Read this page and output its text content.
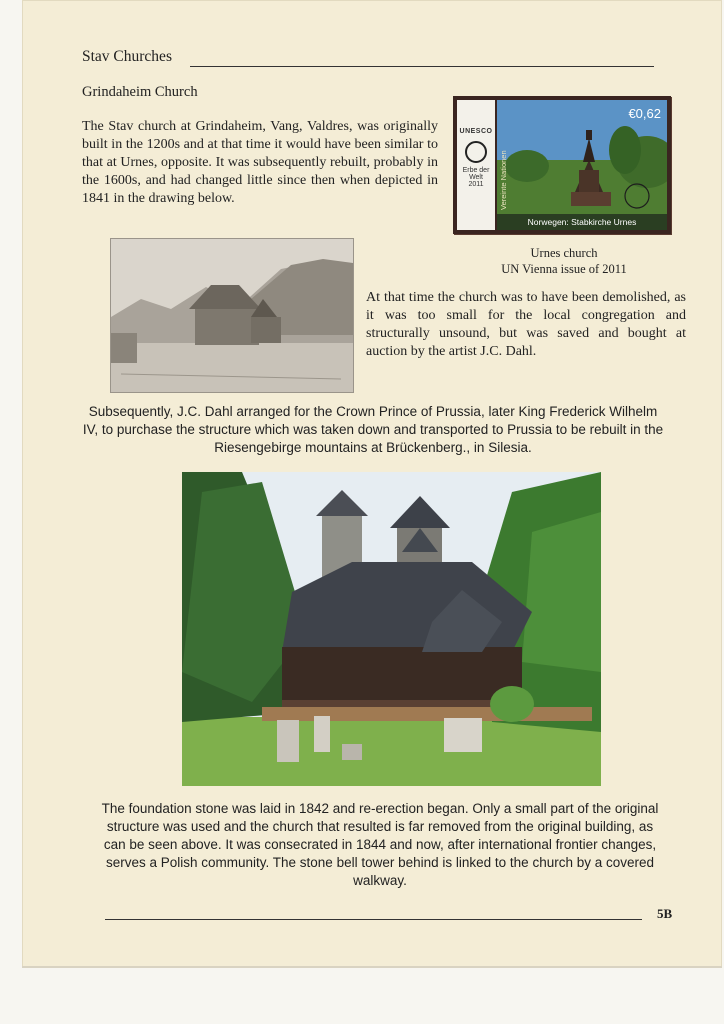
Stav Churches
Grindaheim Church

The Stav church at Grindaheim, Vang, Valdres, was originally built in the 1200s and at that time it would have been similar to that at Urnes, opposite. It was subsequently rebuilt, probably in the 1600s, and had changed little since then when depicted in 1841 in the drawing below.

UNESCO
Erbe der
Welt
2011
€0,62
Vereinte Nationen
Norwegen: Stabkirche Urnes
Urnes church
UN Vienna issue of 2011

At that time the church was to have been demolished, as it was too small for the local congregation and structurally unsound, but was saved and bought at auction by the artist J.C. Dahl.

Subsequently, J.C. Dahl arranged for the Crown Prince of Prussia, later King Frederick Wilhelm IV, to purchase the structure which was taken down and transported to Prussia to be rebuilt in the Riesengebirge mountains at Brückenberg., in Silesia.

The foundation stone was laid in 1842 and re-erection began. Only a small part of the original structure was used and the church that resulted is far removed from the original building, as can be seen above. It was consecrated in 1844 and now, after international frontier changes, serves a Polish community. The stone bell tower behind is linked to the church by a covered walkway.

5B
